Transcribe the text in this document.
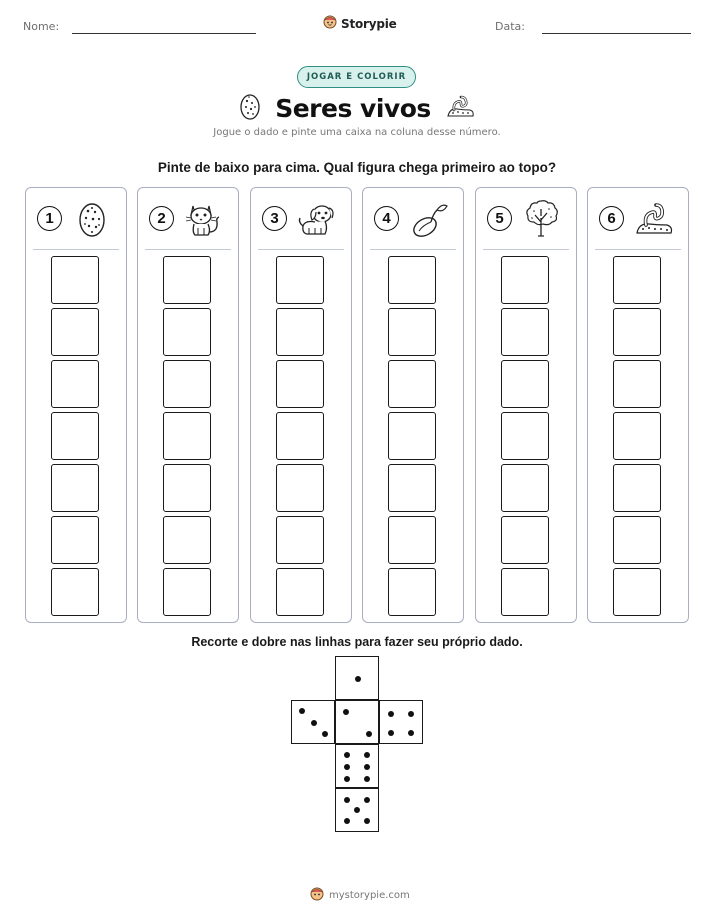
Nome:	Storypie	Data:
JOGAR E COLORIR
Seres vivos
Jogue o dado e pinte uma caixa na coluna desse número.
Pinte de baixo para cima. Qual figura chega primeiro ao topo?
1	2	3	4	5	6
Recorte e dobre nas linhas para fazer seu próprio dado.
mystorypie.com
